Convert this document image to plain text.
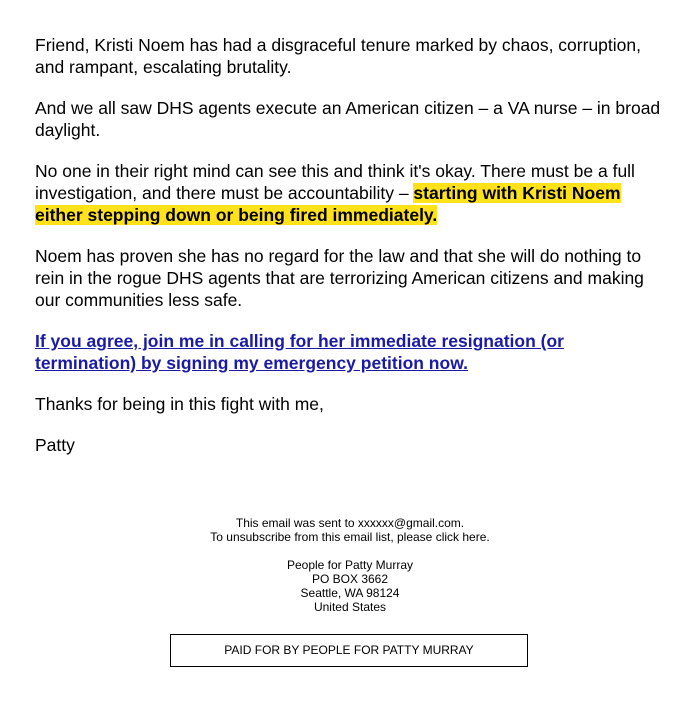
Friend, Kristi Noem has had a disgraceful tenure marked by chaos, corruption, and rampant, escalating brutality.

And we all saw DHS agents execute an American citizen – a VA nurse – in broad daylight.

No one in their right mind can see this and think it's okay. There must be a full investigation, and there must be accountability – starting with Kristi Noem either stepping down or being fired immediately.

Noem has proven she has no regard for the law and that she will do nothing to rein in the rogue DHS agents that are terrorizing American citizens and making our communities less safe.

If you agree, join me in calling for her immediate resignation (or termination) by signing my emergency petition now.

Thanks for being in this fight with me,

Patty

This email was sent to xxxxxx@gmail.com.
To unsubscribe from this email list, please click here.
People for Patty Murray
PO BOX 3662
Seattle, WA 98124
United States
PAID FOR BY PEOPLE FOR PATTY MURRAY
